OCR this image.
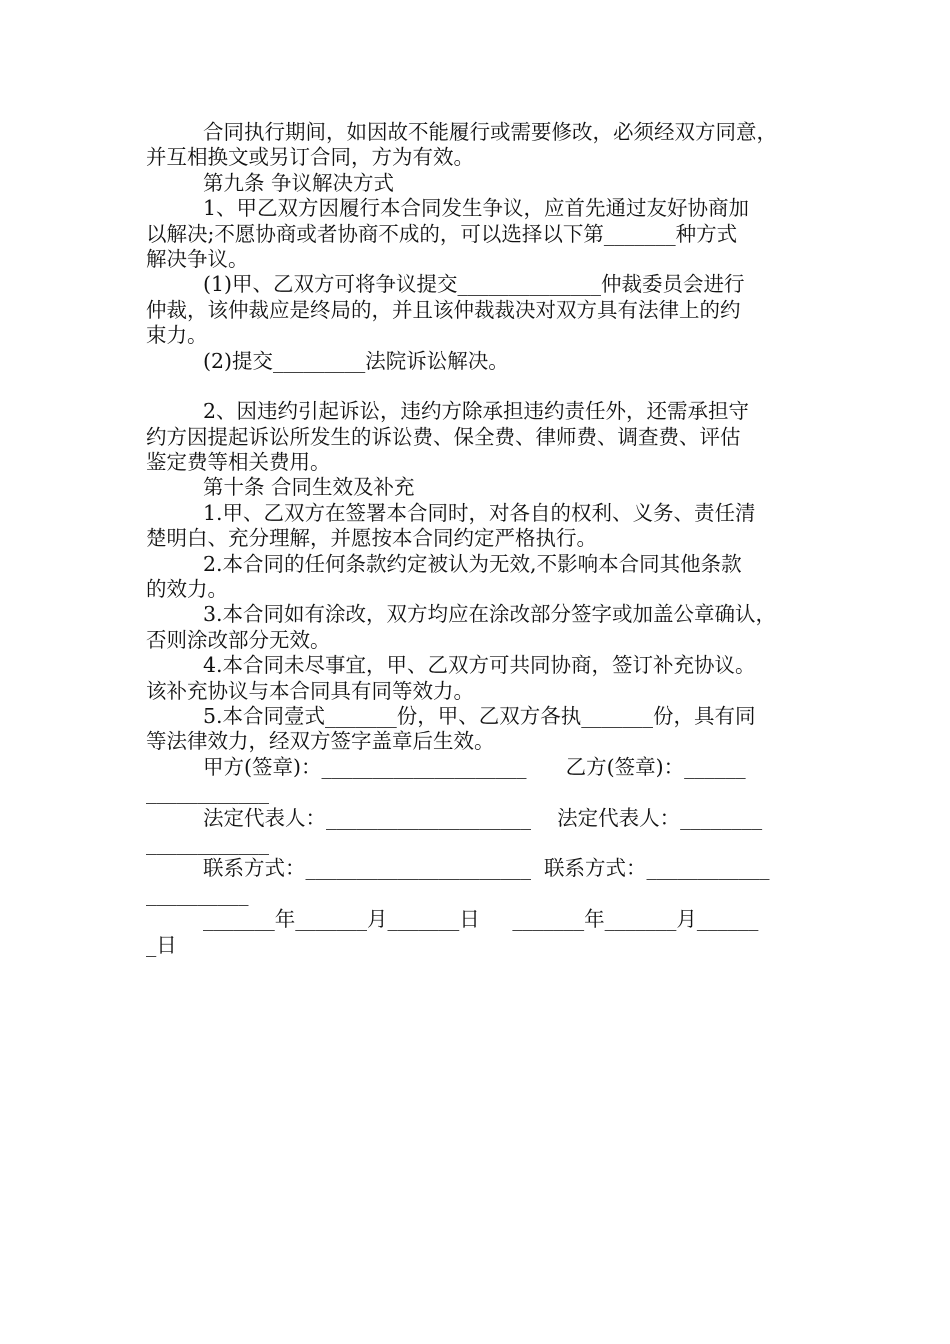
合同执行期间，如因故不能履行或需要修改，必须经双方同意，
并互相换文或另订合同，方为有效。
第九条 争议解决方式
1、甲乙双方因履行本合同发生争议，应首先通过友好协商加
以解决;不愿协商或者协商不成的，可以选择以下第_______种方式
解决争议。
(1)甲、乙双方可将争议提交______________仲裁委员会进行
仲裁，该仲裁应是终局的，并且该仲裁裁决对双方具有法律上的约
束力。
(2)提交_________法院诉讼解决。
2、因违约引起诉讼，违约方除承担违约责任外，还需承担守
约方因提起诉讼所发生的诉讼费、保全费、律师费、调查费、评估
鉴定费等相关费用。
第十条 合同生效及补充
1.甲、乙双方在签署本合同时，对各自的权利、义务、责任清
楚明白、充分理解，并愿按本合同约定严格执行。
2.本合同的任何条款约定被认为无效,不影响本合同其他条款
的效力。
3.本合同如有涂改，双方均应在涂改部分签字或加盖公章确认，
否则涂改部分无效。
4.本合同未尽事宜，甲、乙双方可共同协商，签订补充协议。
该补充协议与本合同具有同等效力。
5.本合同壹式_______份，甲、乙双方各执_______份，具有同
等法律效力，经双方签字盖章后生效。
甲方(签章)：____________________      乙方(签章)：______
____________
法定代表人：____________________    法定代表人：________
____________
联系方式：______________________  联系方式：____________
__________
_______年_______月_______日     _______年_______月______
_日
